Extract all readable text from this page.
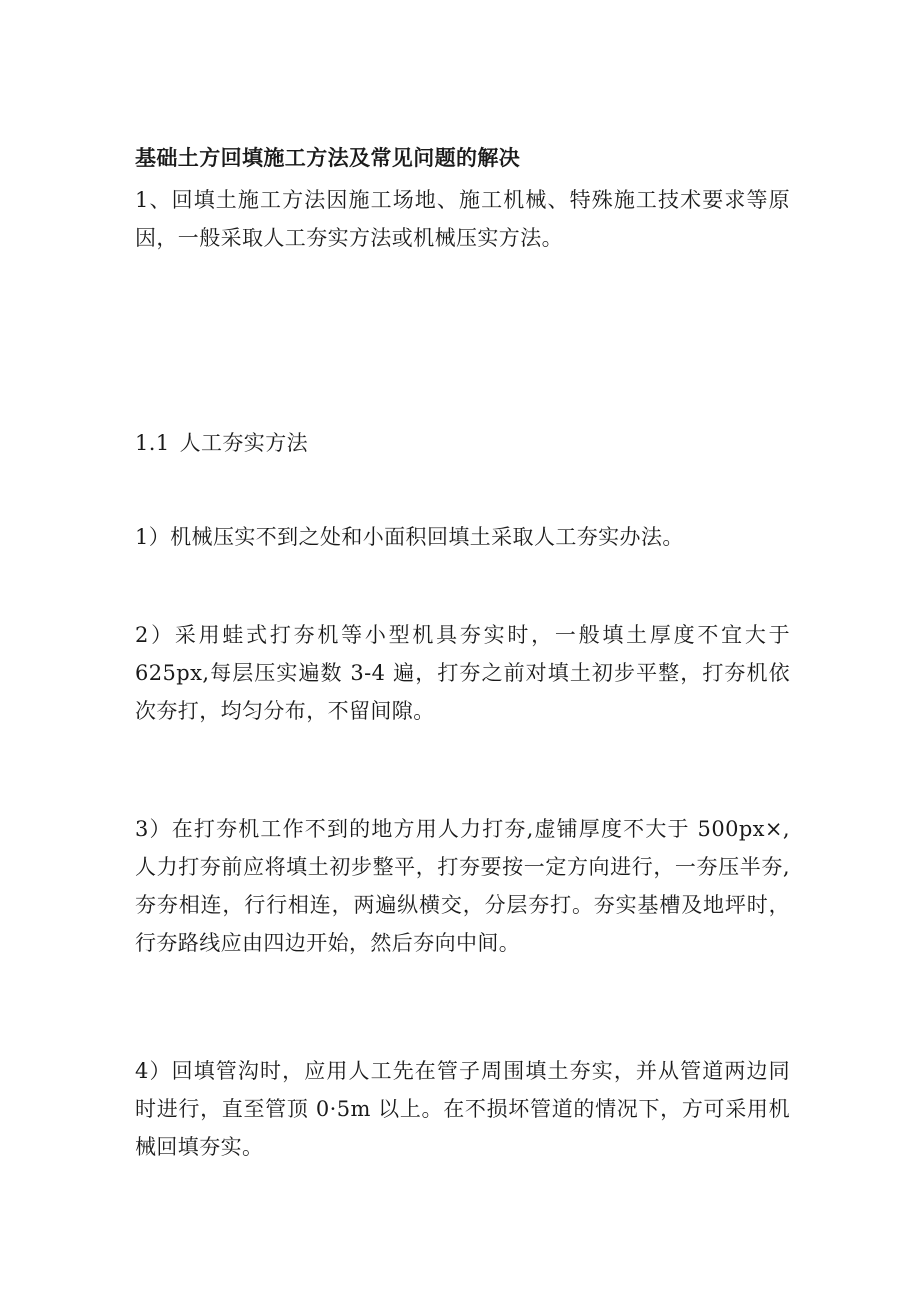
基础土方回填施工方法及常见问题的解决

1、回填土施工方法因施工场地、施工机械、特殊施工技术要求等原因，一般采取人工夯实方法或机械压实方法。

1.1 人工夯实方法

1）机械压实不到之处和小面积回填土采取人工夯实办法。

2）采用蛙式打夯机等小型机具夯实时，一般填土厚度不宜大于625px,每层压实遍数 3-4 遍，打夯之前对填土初步平整，打夯机依次夯打，均匀分布，不留间隙。

3）在打夯机工作不到的地方用人力打夯,虚铺厚度不大于 500px×,人力打夯前应将填土初步整平，打夯要按一定方向进行，一夯压半夯,夯夯相连，行行相连，两遍纵横交，分层夯打。夯实基槽及地坪时，行夯路线应由四边开始，然后夯向中间。

4）回填管沟时，应用人工先在管子周围填土夯实，并从管道两边同时进行，直至管顶 0·5m 以上。在不损坏管道的情况下，方可采用机械回填夯实。
